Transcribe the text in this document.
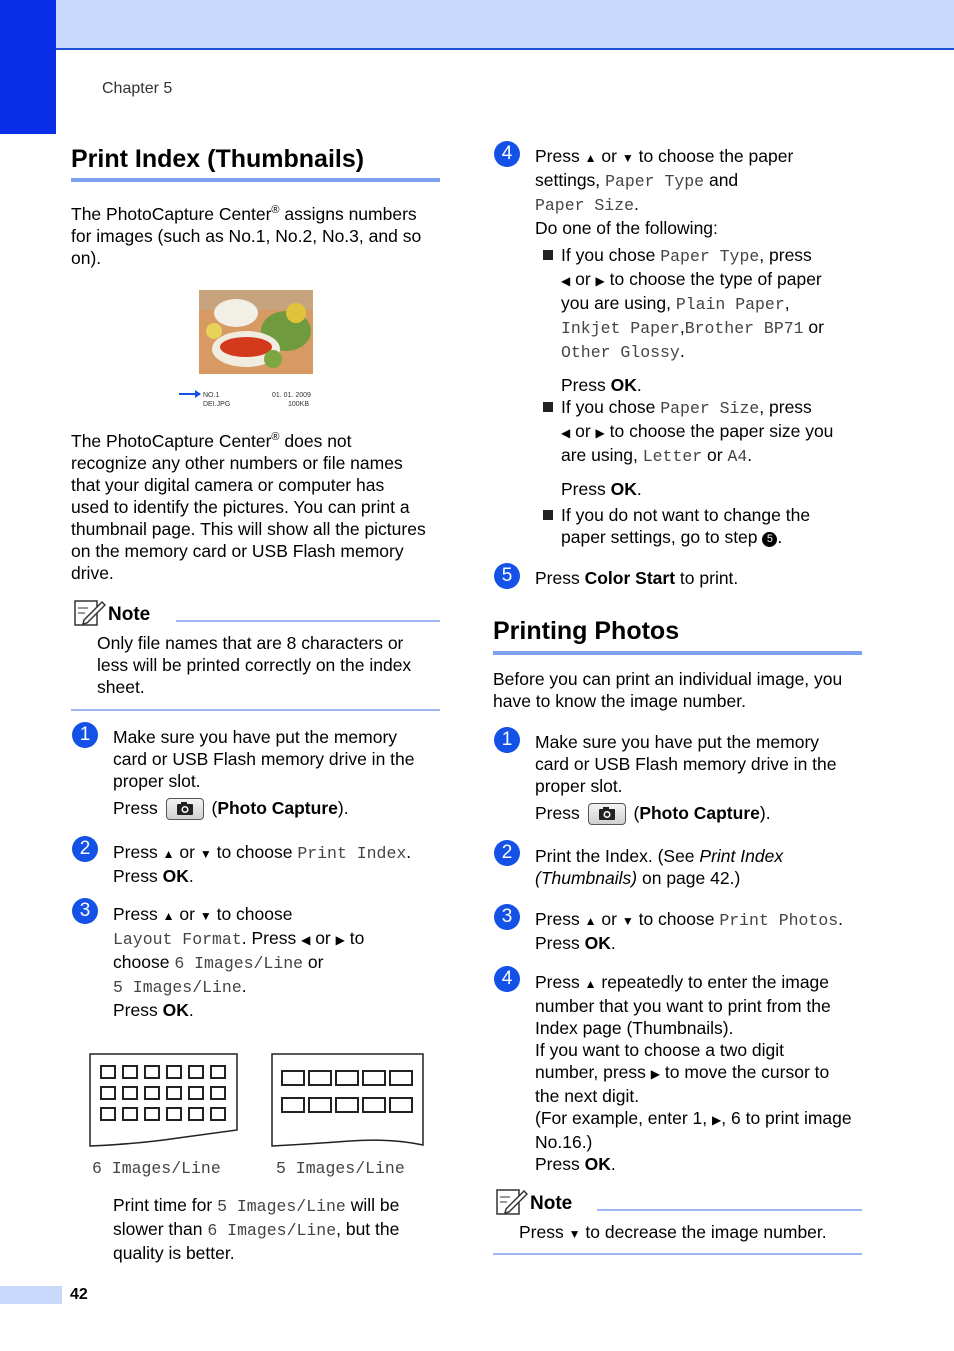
Chapter 5
Print Index (Thumbnails)
The PhotoCapture Center® assigns numbers
for images (such as No.1, No.2, No.3, and so
on).
NO.1
DEI.JPG
01. 01. 2009
100KB
The PhotoCapture Center® does not
recognize any other numbers or file names
that your digital camera or computer has
used to identify the pictures. You can print a
thumbnail page. This will show all the pictures
on the memory card or USB Flash memory
drive.
Note
Only file names that are 8 characters or
less will be printed correctly on the index
sheet.
1	Make sure you have put the memory
card or USB Flash memory drive in the
proper slot.
Press	(Photo Capture).
2	Press ▲ or ▼ to choose Print Index.
Press OK.
3	Press ▲ or ▼ to choose
Layout Format. Press ◀ or ▶ to
choose 6 Images/Line or
5 Images/Line.
Press OK.
6 Images/Line	5 Images/Line
Print time for 5 Images/Line will be
slower than 6 Images/Line, but the
quality is better.
4	Press ▲ or ▼ to choose the paper
settings, Paper Type and
Paper Size.
Do one of the following:
If you chose Paper Type, press
◀ or ▶ to choose the type of paper
you are using, Plain Paper,
Inkjet Paper,Brother BP71 or
Other Glossy.
Press OK.
If you chose Paper Size, press
◀ or ▶ to choose the paper size you
are using, Letter or A4.
Press OK.
If you do not want to change the
paper settings, go to step 5 .
5	Press Color Start to print.
Printing Photos
Before you can print an individual image, you
have to know the image number.
1	Make sure you have put the memory
card or USB Flash memory drive in the
proper slot.
Press	(Photo Capture).
2	Print the Index. (See Print Index
(Thumbnails) on page 42.)
3	Press ▲ or ▼ to choose Print Photos.
Press OK.
4	Press ▲ repeatedly to enter the image
number that you want to print from the
Index page (Thumbnails).
If you want to choose a two digit
number, press ▶ to move the cursor to
the next digit.
(For example, enter 1, ▶, 6 to print image
No.16.)
Press OK.
Note
Press ▼ to decrease the image number.
42
